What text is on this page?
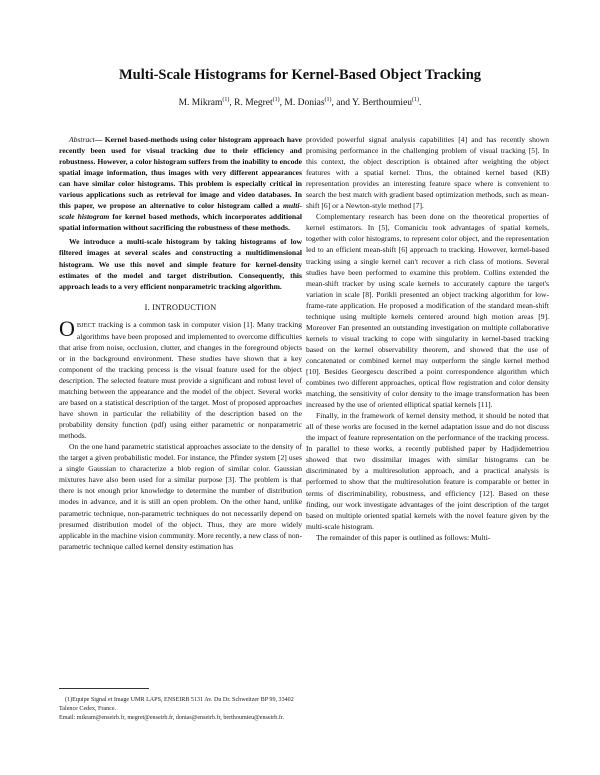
Multi-Scale Histograms for Kernel-Based Object Tracking
M. Mikram$^{(1)}$, R. Megret$^{(1)}$, M. Donias$^{(1)}$, and Y. Berthoumieu$^{(1)}$.

Abstract— Kernel based-methods using color histogram approach have recently been used for visual tracking due to their efficiency and robustness. However, a color histogram suffers from the inability to encode spatial image information, thus images with very different appearances can have similar color histograms. This problem is especially critical in various applications such as retrieval for image and video databases. In this paper, we propose an alternative to color histogram called a multi-scale histogram for kernel based methods, which incorporates additional spatial information without sacrificing the robustness of these methods.

We introduce a multi-scale histogram by taking histograms of low filtered images at several scales and constructing a multidimensional histogram. We use this novel and simple feature for kernel-density estimates of the model and target distribution. Consequently, this approach leads to a very efficient nonparametric tracking algorithm.

I. INTRODUCTION

OBJECT tracking is a common task in computer vision [1]. Many tracking algorithms have been proposed and implemented to overcome difficulties that arise from noise, occlusion, clutter, and changes in the foreground objects or in the background environment. These studies have shown that a key component of the tracking process is the visual feature used for the object description. The selected feature must provide a significant and robust level of matching between the appearance and the model of the object. Several works are based on a statistical description of the target. Most of proposed approaches have shown in particular the reliability of the description based on the probability density function (pdf) using either parametric or nonparametric methods.

On the one hand parametric statistical approaches associate to the density of the target a given probabilistic model. For instance, the Pfinder system [2] uses a single Gaussian to characterize a blob region of similar color. Gaussian mixtures have also been used for a similar purpose [3]. The problem is that there is not enough prior knowledge to determine the number of distribution modes in advance, and it is still an open problem. On the other hand, unlike parametric technique, non-parametric techniques do not necessarily depend on presumed distribution model of the object. Thus, they are more widely applicable in the machine vision community. More recently, a new class of non-parametric technique called kernel density estimation has

provided powerful signal analysis capabilities [4] and has recently shown promising performance in the challenging problem of visual tracking [5]. In this context, the object description is obtained after weighting the object features with a spatial kernel. Thus, the obtained kernel based (KB) representation provides an interesting feature space where is convenient to search the best match with gradient based optimization methods, such as mean-shift [6] or a Newton-style method [7].

Complementary research has been done on the theoretical properties of kernel estimators. In [5], Comaniciu took advantages of spatial kernels, together with color histograms, to represent color object, and the representation led to an efficient mean-shift [6] approach to tracking. However, kernel-based tracking using a single kernel can't recover a rich class of motions. Several studies have been performed to examine this problem. Collins extended the mean-shift tracker by using scale kernels to accurately capture the target's variation in scale [8]. Porikli presented an object tracking algorithm for low-frame-rate application. He proposed a modification of the standard mean-shift technique using multiple kernels centered around high motion areas [9]. Moreover Fan presented an outstanding investigation on multiple collaborative kernels to visual tracking to cope with singularity in kernel-based tracking based on the kernel observability theorem, and showed that the use of concatenated or combined kernel may outperform the single kernel method [10]. Besides Georgescu described a point correspondence algorithm which combines two different approaches, optical flow registration and color density matching, the sensitivity of color density to the image transformation has been increased by the use of oriented elliptical spatial kernels [11].

Finally, in the framework of kernel density method, it should be noted that all of these works are focused in the kernel adaptation issue and do not discuss the impact of feature representation on the performance of the tracking process. In parallel to these works, a recently published paper by Hadjidemetriou showed that two dissimilar images with similar histograms can be discriminated by a multiresolution approach, and a practical analysis is performed to show that the multiresolution feature is comparable or better in terms of discriminability, robustness, and efficiency [12]. Based on these finding, our work investigate advantages of the joint description of the target based on multiple oriented spatial kernels with the novel feature given by the multi-scale histogram.

The remainder of this paper is outlined as follows: Multi-

(1)Equipe Signal et Image UMR LAPS, ENSEIRB 5131 Av. Du Dr. Schweitzer BP 99, 33402 Talence Cedex, France.

Email: mikram@enseirb.fr, megret@enseirb.fr, donias@enseirb.fr, berthoumieu@enseirb.fr.
